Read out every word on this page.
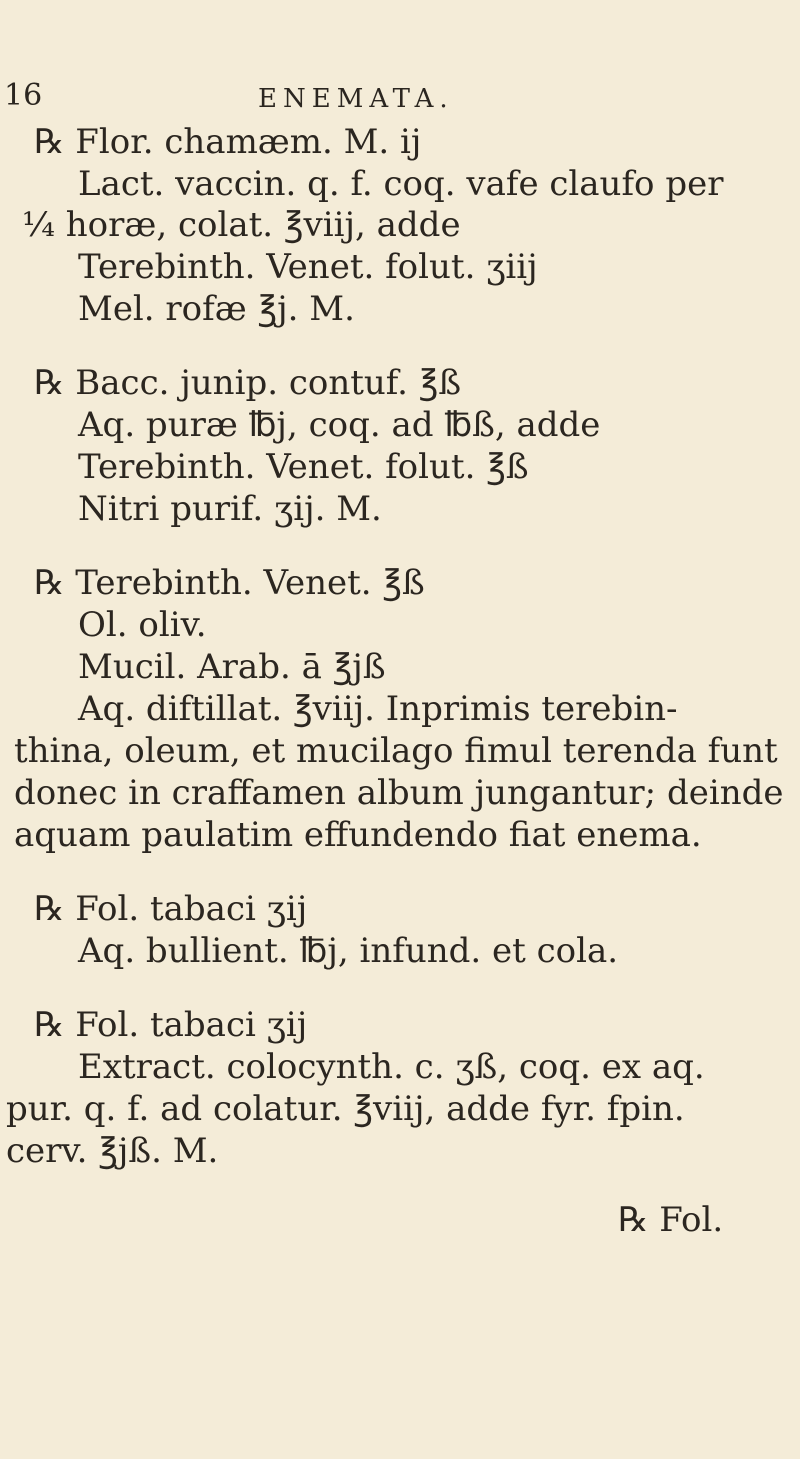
16	ENEMATA.
℞ Flor. chamæm. M. ij
Lact. vaccin. q. f. coq. vafe claufo per
¼ horæ, colat. ℥viij, adde
Terebinth. Venet. folut. ʒiij
Mel. rofæ ℥j. M.
℞ Bacc. junip. contuf. ℥ß
Aq. puræ ℔j, coq. ad ℔ß, adde
Terebinth. Venet. folut. ℥ß
Nitri purif. ʒij. M.
℞ Terebinth. Venet. ℥ß
Ol. oliv.
Mucil. Arab. ā ℥jß
Aq. diftillat. ℥viij. Inprimis terebin-
thina, oleum, et mucilago fimul terenda funt
donec in craffamen album jungantur; deinde
aquam paulatim effundendo fiat enema.
℞ Fol. tabaci ʒij
Aq. bullient. ℔j, infund. et cola.
℞ Fol. tabaci ʒij
Extract. colocynth. c. ʒß, coq. ex aq.
pur. q. f. ad colatur. ℥viij, adde fyr. fpin.
cerv. ℥jß. M.
℞ Fol.
